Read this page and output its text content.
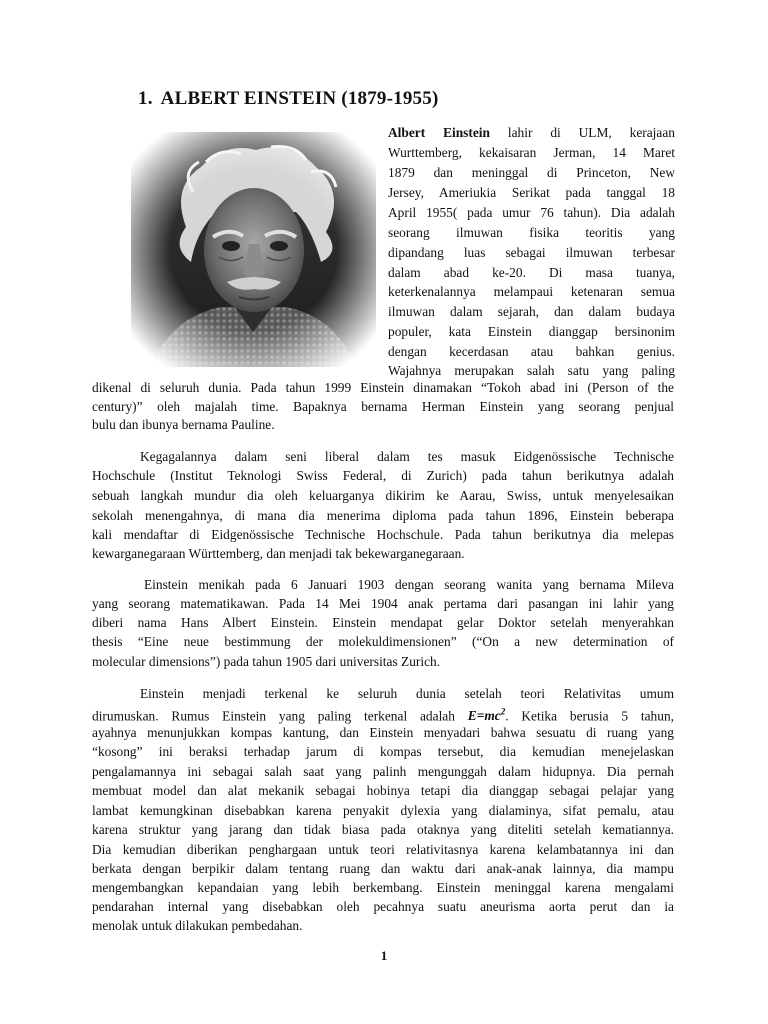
1. ALBERT EINSTEIN (1879-1955)
Albert Einstein lahir di ULM, kerajaan
Wurttemberg, kekaisaran Jerman, 14 Maret
1879 dan meninggal di Princeton, New
Jersey, Ameriukia Serikat pada tanggal 18
April 1955( pada umur 76 tahun). Dia adalah
seorang ilmuwan fisika teoritis yang
dipandang luas sebagai ilmuwan terbesar
dalam abad ke-20. Di masa tuanya,
keterkenalannya melampaui ketenaran semua
ilmuwan dalam sejarah, dan dalam budaya
populer, kata Einstein dianggap bersinonim
dengan kecerdasan atau bahkan genius.
Wajahnya merupakan salah satu yang paling
dikenal di seluruh dunia. Pada tahun 1999 Einstein dinamakan “Tokoh abad ini (Person of the
century)” oleh majalah time. Bapaknya bernama Herman Einstein yang seorang penjual
bulu dan ibunya bernama Pauline.
Kegagalannya dalam seni liberal dalam tes masuk Eidgenössische Technische
Hochschule (Institut Teknologi Swiss Federal, di Zurich) pada tahun berikutnya adalah
sebuah langkah mundur dia oleh keluarganya dikirim ke Aarau, Swiss, untuk menyelesaikan
sekolah menengahnya, di mana dia menerima diploma pada tahun 1896, Einstein beberapa
kali mendaftar di Eidgenössische Technische Hochschule. Pada tahun berikutnya dia melepas
kewarganegaraan Württemberg, dan menjadi tak bekewarganegaraan.
Einstein menikah pada 6 Januari 1903 dengan seorang wanita yang bernama Mileva
yang seorang matematikawan. Pada 14 Mei 1904 anak pertama dari pasangan ini lahir yang
diberi nama Hans Albert Einstein. Einstein mendapat gelar Doktor setelah menyerahkan
thesis “Eine neue bestimmung der molekuldimensionen” (“On a new determination of
molecular dimensions”) pada tahun 1905 dari universitas Zurich.
Einstein menjadi terkenal ke seluruh dunia setelah teori Relativitas umum
dirumuskan. Rumus Einstein yang paling terkenal adalah $E=mc^2$. Ketika berusia 5 tahun,
ayahnya menunjukkan kompas kantung, dan Einstein menyadari bahwa sesuatu di ruang yang
“kosong” ini beraksi terhadap jarum di kompas tersebut, dia kemudian menejelaskan
pengalamannya ini sebagai salah saat yang palinh mengunggah dalam hidupnya. Dia pernah
membuat model dan alat mekanik sebagai hobinya tetapi dia dianggap sebagai pelajar yang
lambat kemungkinan disebabkan karena penyakit dylexia yang dialaminya, sifat pemalu, atau
karena struktur yang jarang dan tidak biasa pada otaknya yang diteliti setelah kematiannya.
Dia kemudian diberikan penghargaan untuk teori relativitasnya karena kelambatannya ini dan
berkata dengan berpikir dalam tentang ruang dan waktu dari anak-anak lainnya, dia mampu
mengembangkan kepandaian yang lebih berkembang. Einstein meninggal karena mengalami
pendarahan internal yang disebabkan oleh pecahnya suatu aneurisma aorta perut dan ia
menolak untuk dilakukan pembedahan.
1
